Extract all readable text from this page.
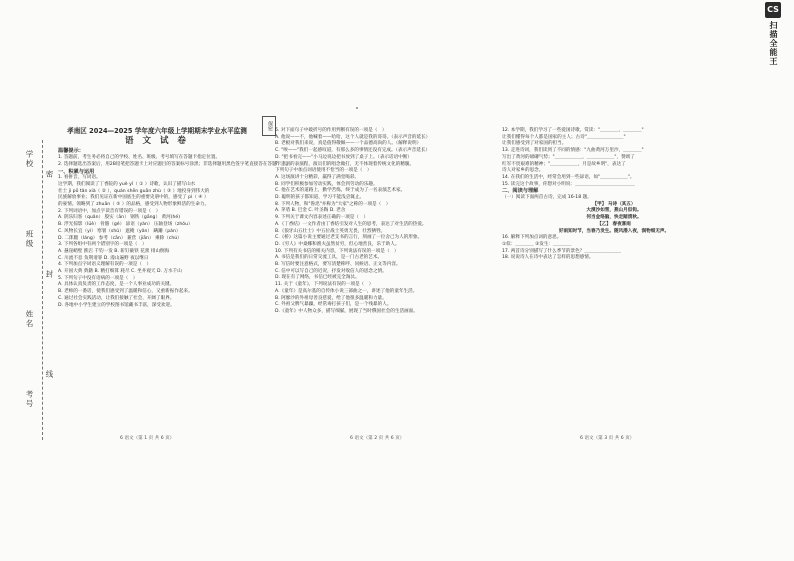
CS
扫描全能王
保密
密
封
线
学校
班级
姓名
考号
孝南区 2024—2025 学年度六年级上学期期末学业水平监测
语 文 试 卷

温馨提示：

1. 答题前，考生务必将自己的学校、姓名、班级、考号填写在答题卡指定位置。

2. 选择题选出答案后，用2B铅笔把答题卡上对应题目的答案标号涂黑；非选择题用黑色签字笔直接答在答题卡上。

一、积累与运用

1. 看拼音，写词语。

这学期，我们阅读了丁香院的 yuè yǐ（ ① ）诗歌，认识了描写山水

壮士 jì pō tǎn xià（ ② ），quán shēn guān zhù（ ③ ）地投身到伟大的

民族解放事业；我们见证在新中国底生的重要史册中的，感受了 pì（ ④ ）

的豪情。领略到了 zhuān（ ⑤ ）的品格，感受到人物形象鲜活的生命力。

2. 下列词语中，加点字读音有错误的一项是（　）

A. 阴乐归客（quǎn） 殷实（ān） 钢铁（gāng） 黄河(hé)

B. 浮光掠影（lüè） 骨骼（gé） 谚语（yàn） 压轴登场（zhóu）

C. 风物长宜（yí） 寒暑（shǔ） 遮掩（yǎn） 蹒跚（pán）

D. 二郎腿（láng） 参考（cān） 兼营（jiān） 乘除（chú）

3. 下列各组中有两个错别字的一项是（　）

A. 悬崖峭壁 跌宕 千钧一发 B. 斩钉截铁 花蕾 排山倒海

C. 川流不息 负荆请罪 D. 漫山遍野 夜以继日

4. 下列加点字词语义理解有误的一项是（　）

A. 开国大典 典籍 B. 精打细算 耗尽 C. 坐井观天 D. 万水千山

5. 下列句子中没有语病的一项是（　）

A. 具体认真负责的工作态度，是一个人事业成功的关键。

B. 老师的一番话，使我们感受到了温暖和信心，又重新振作起来。

C. 通过社会实践活动，让我们接触了社会，开阔了眼界。

D. 各地中小学生建立的学校图书馆藏书丰富，深受欢迎。

6. 对下面句子中破折号的作用判断有误的一项是（　）

A. 他说——不，他喊着——哈哈，这个人就是我的哥哥。（表示声音的延长）

B. 老板对我们来说，真是值得敬佩——一个品德高尚的人。（解释说明）

C. "唉——"我们一起感叹道，有那么多的事情还没有完成。（表示声音延长）

D. "把书看完——"小马边说边把书放到了桌子上。（表示话语中断）

7. 京剧的表演程，演员们的唱念做打，无不体现着传统文化的精髓。

下列句子中加点词语使用不恰当的一项是（　）

A. 这场演讲十分精彩，赢得了满堂喝彩。

B. 同学们积极参加劳动实践，体会到劳动的乐趣。

C. 他在艺术的道路上，勤学苦练，终于成为了一名表演艺术家。

D. 聪明的孩子都知道，学习不能浅尝辄止。

8. 下列人物，和"鲁迅"并称为"大家"之称的一项是（　）

A. 茅盾 B. 巴金 C. 叶圣陶 D. 老舍

9. 下列关于课文内容表述正确的一项是（　）

A.《丁香结》一文作者由丁香结引发对人生的思考，表达了对生活的热爱。

B.《狼牙山五壮士》中五位战士英勇无畏，壮烈牺牲。

C.《桥》这篇小说主要通过老支书的言行，刻画了一位舍己为人的形象。

D.《穷人》中桑娜和渔夫虽然贫穷，但心地善良，乐于助人。

10. 下列有关书信的相关内容，下列说法有误的一项是（　）

A. 书信是我们的日常交流工具，是一门古老的艺术。

B. 写信时要注意格式，要写清楚称呼、问候语、正文等内容。

C. 信中可以写自己的近况，抒发对收信人的思念之情。

D. 现在有了网络，书信已经被完全淘汰。

11. 关于《童年》，下列说法有误的一项是（　）

A.《童年》是高尔基的自传体小说三部曲之一，讲述了他的童年生活。

B. 阿廖沙的外祖母善良慈爱，给了他很多温暖和力量。

C. 外祖父脾气暴躁，经常毒打孩子们，是一个残暴的人。

D.《童年》中人物众多，描写细腻，展现了当时俄国社会的生活画面。

12. 本学期，我们学习了一些爱国诗歌，赏读："＿＿＿＿，＿＿＿＿"

让我们懂得每个人都是国家的主人；古诗"＿＿＿＿＿＿＿＿"

让我们感受到了对家国的担当。

13. 走进诗词，我们读到了不同的情感："九曲黄河万里沙，＿＿＿＿"

写出了黄河的磅礴气势；"＿＿＿＿＿＿，＿＿＿＿＿＿"，赞颂了

红军不畏艰难的精神；"＿＿＿＿＿＿，月是故乡明"，表达了

诗人对家乡的思念。

14. 在我们的生活中，经常会用到一些谚语，如"＿＿＿＿＿＿"。

15. 读完这个故事，你想对小明说：＿＿＿＿＿＿＿＿＿＿＿＿＿

二、阅读与理解

（一）阅读下面两首古诗，完成 16-18 题。

【甲】 马诗（其五）

大漠沙如雪，燕山月似钩。

何当金络脑，快走踏清秋。

【乙】 春夜喜雨

好雨知时节，当春乃发生。随风潜入夜，润物细无声。

16. 解释下列加点词的意思。

①似：＿＿＿＿ ②发生：＿＿＿＿

17. 两首诗分别描写了什么季节的景色？＿＿＿＿＿＿＿＿

18. 说说诗人在诗中表达了怎样的思想感情。

6 语文（第 1 页 共 6 页）	6 语文（第 2 页 共 6 页）	6 语文（第 3 页 共 6 页）
